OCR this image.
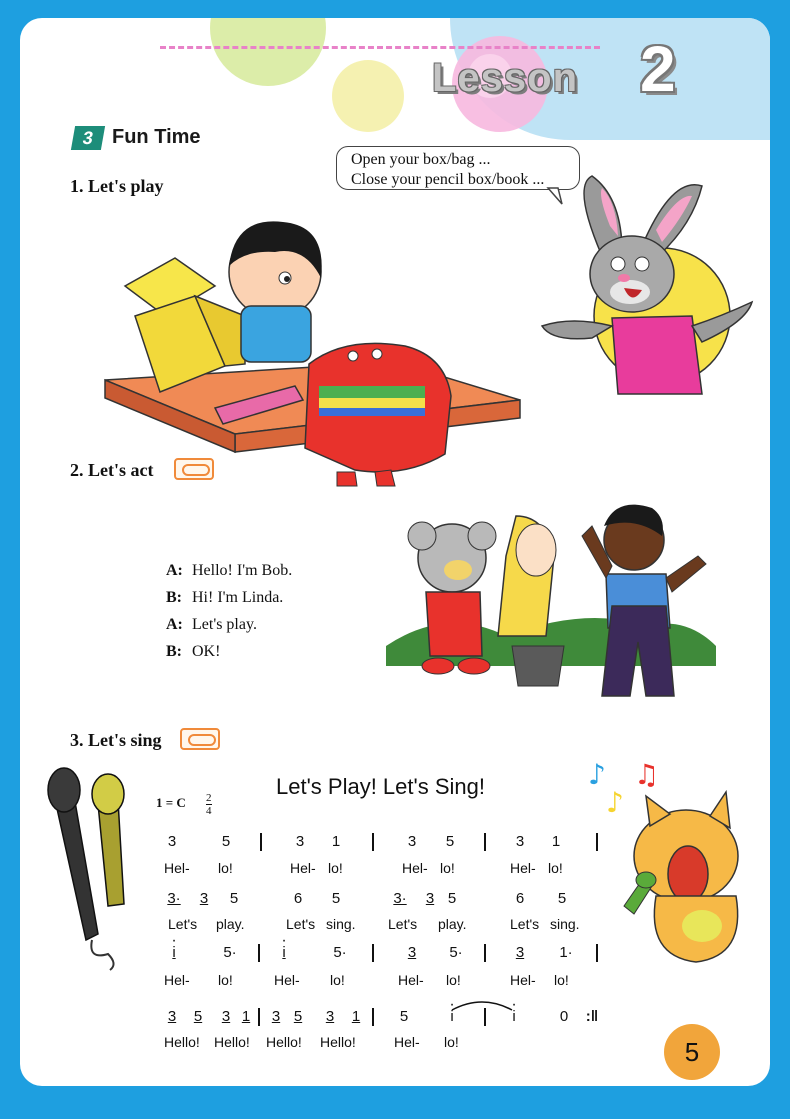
Lesson 2
3 Fun Time
1. Let's play
Open your box/bag ...
Close your pencil box/book ...
2. Let's act
A: Hello! I'm Bob.
B: Hi! I'm Linda.
A: Let's play.
B: OK!
3. Let's sing
♪
♪
♫
Let's Play! Let's Sing!
1 = C 2
4
3	5	3	1	3	5	3	1
Hel- lo!	Hel- lo!	Hel- lo!	Hel- lo!
3·	3	5	6	5	3·	3 5	6	5
Let's play.	Let's sing. Let's play.	Let's sing.
· i	5·	· i	5·	3	5·	3	1·
Hel- lo!	Hel- lo!	Hel- lo!	Hel- lo!
3	5	3 1	3 5	3	1	5	· i	· i	0	:‖
Hello! Hello! Hello! Hello!	Hel- lo!	5
